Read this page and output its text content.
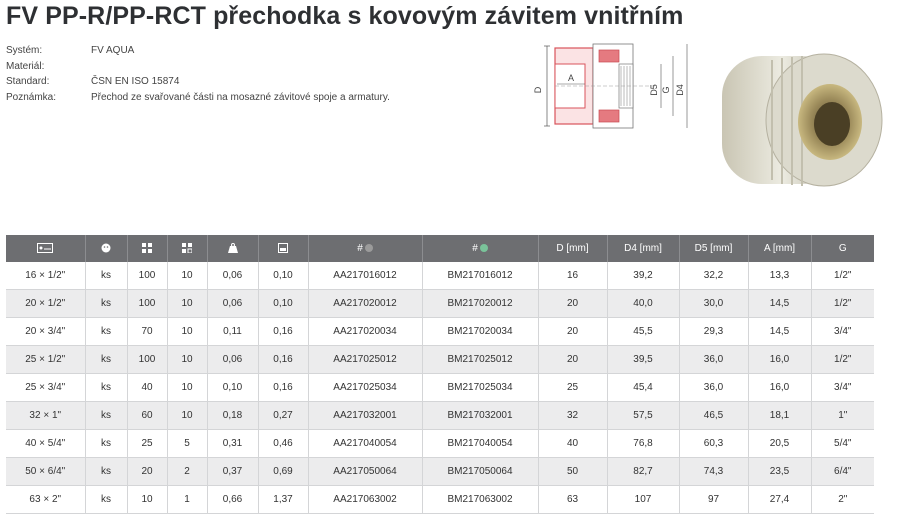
FV PP-R/PP-RCT přechodka s kovovým závitem vnitřním
Systém:	FV AQUA
Materiál:
Standard:	ČSN EN ISO 15874
Poznámka:	Přechod ze svařované části na mosazné závitové spoje a armatury.
D
A
D5 G D4
						#	#	D [mm]	D4 [mm]	D5 [mm]	A [mm]	G
16 × 1/2"	ks	100	10	0,06	0,10	AA217016012	BM217016012	16	39,2	32,2	13,3	1/2"
20 × 1/2"	ks	100	10	0,06	0,10	AA217020012	BM217020012	20	40,0	30,0	14,5	1/2"
20 × 3/4"	ks	70	10	0,11	0,16	AA217020034	BM217020034	20	45,5	29,3	14,5	3/4"
25 × 1/2"	ks	100	10	0,06	0,16	AA217025012	BM217025012	20	39,5	36,0	16,0	1/2"
25 × 3/4"	ks	40	10	0,10	0,16	AA217025034	BM217025034	25	45,4	36,0	16,0	3/4"
32 × 1"	ks	60	10	0,18	0,27	AA217032001	BM217032001	32	57,5	46,5	18,1	1"
40 × 5/4"	ks	25	5	0,31	0,46	AA217040054	BM217040054	40	76,8	60,3	20,5	5/4"
50 × 6/4"	ks	20	2	0,37	0,69	AA217050064	BM217050064	50	82,7	74,3	23,5	6/4"
63 × 2"	ks	10	1	0,66	1,37	AA217063002	BM217063002	63	107	97	27,4	2"
